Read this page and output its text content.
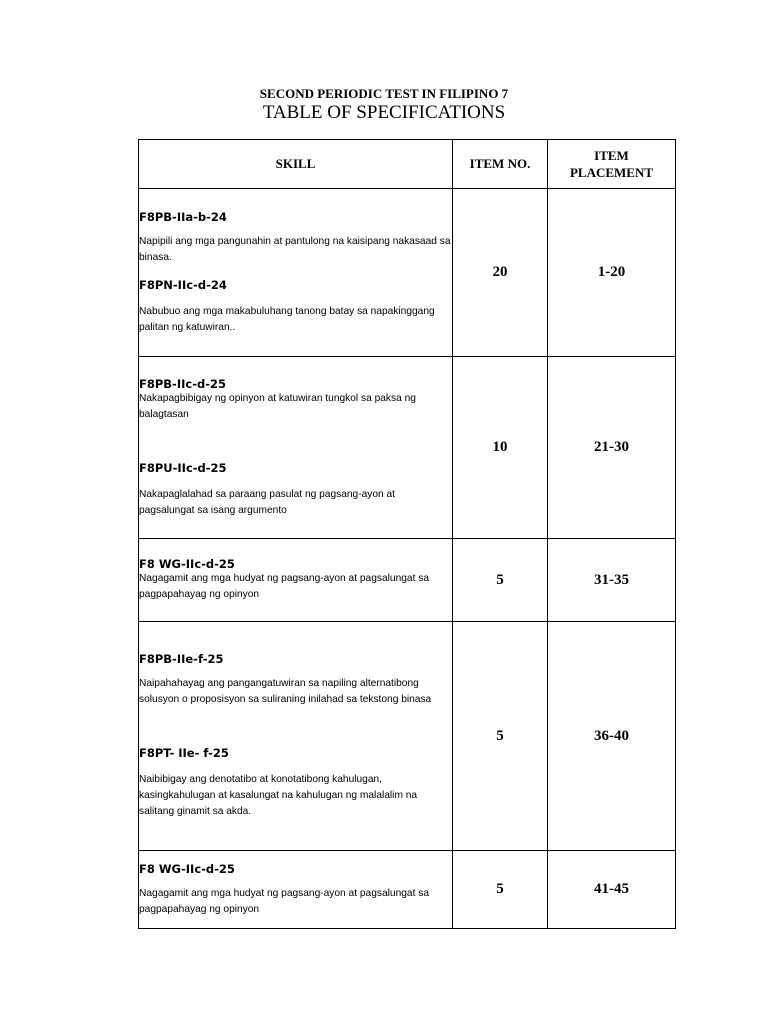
SECOND PERIODIC TEST IN FILIPINO 7
TABLE OF SPECIFICATIONS
SKILL	ITEM NO.	ITEM PLACEMENT

F8PB-IIa-b-24
Napipili ang mga pangunahin at pantulong na kaisipang nakasaad sa binasa.
F8PN-IIc-d-24
Nabubuo ang mga makabuluhang tanong batay sa napakinggang palitan ng katuwiran..	20	1-20

F8PB-IIc-d-25
Nakapagbibigay ng opinyon at katuwiran tungkol sa paksa ng balagtasan
F8PU-IIc-d-25
Nakapaglalahad sa paraang pasulat ng pagsang-ayon at pagsalungat sa isang argumento	10	21-30

F8 WG-IIc-d-25
Nagagamit ang mga hudyat ng pagsang-ayon at pagsalungat sa pagpapahayag ng opinyon	5	31-35

F8PB-IIe-f-25
Naipahahayag ang pangangatuwiran sa napiling alternatibong solusyon o proposisyon sa suliraning inilahad sa tekstong binasa
F8PT- IIe- f-25
Naibibigay ang denotatibo at konotatibong kahulugan, kasingkahulugan at kasalungat na kahulugan ng malalalim na salitang ginamit sa akda.	5	36-40

F8 WG-IIc-d-25
Nagagamit ang mga hudyat ng pagsang-ayon at pagsalungat sa pagpapahayag ng opinyon	5	41-45
